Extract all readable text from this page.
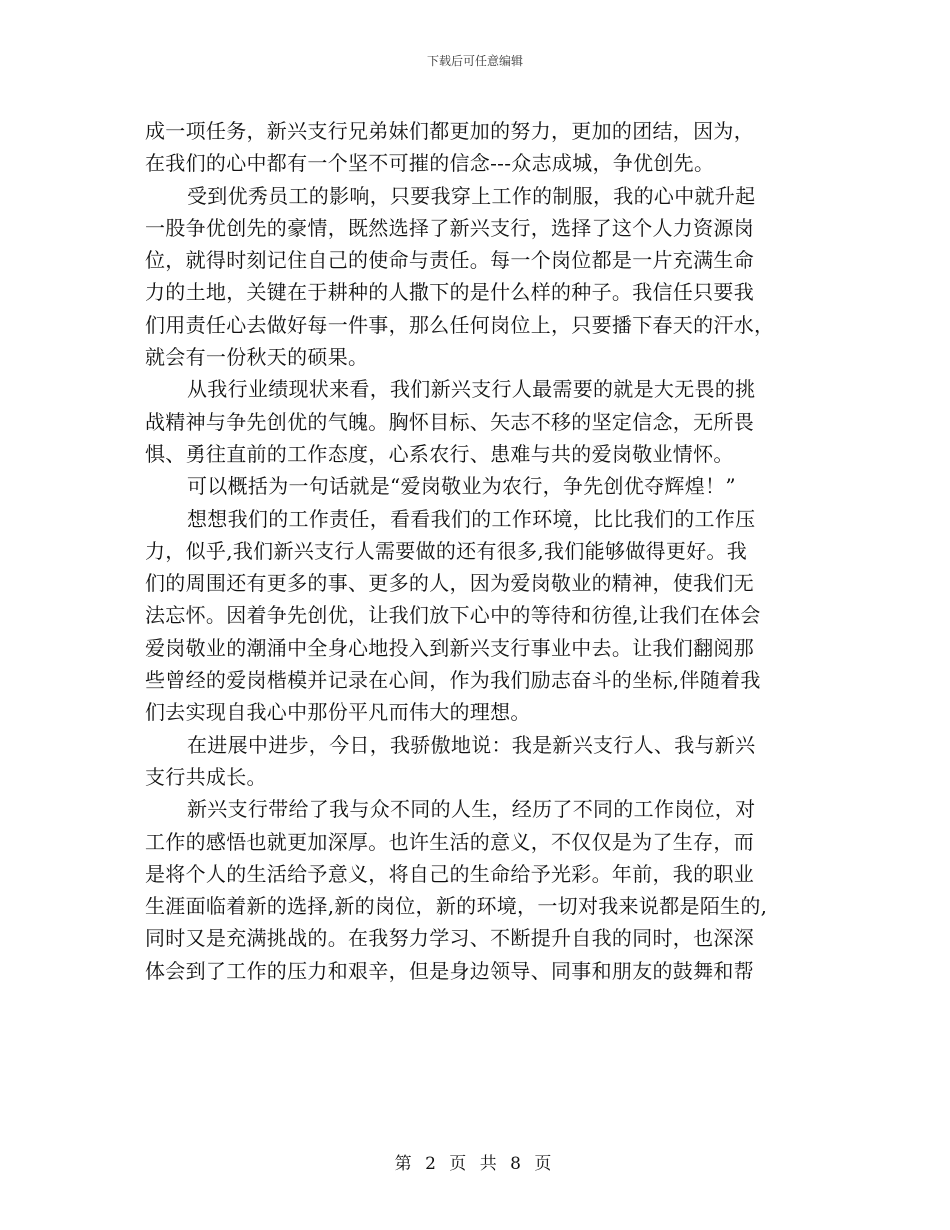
下载后可任意编辑
成一项任务，新兴支行兄弟妹们都更加的努力，更加的团结，因为，
在我们的心中都有一个坚不可摧的信念---众志成城，争优创先。
受到优秀员工的影响，只要我穿上工作的制服，我的心中就升起
一股争优创先的豪情，既然选择了新兴支行，选择了这个人力资源岗
位，就得时刻记住自己的使命与责任。每一个岗位都是一片充满生命
力的土地，关键在于耕种的人撒下的是什么样的种子。我信任只要我
们用责任心去做好每一件事，那么任何岗位上，只要播下春天的汗水，
就会有一份秋天的硕果。
从我行业绩现状来看，我们新兴支行人最需要的就是大无畏的挑
战精神与争先创优的气魄。胸怀目标、矢志不移的坚定信念，无所畏
惧、勇往直前的工作态度，心系农行、患难与共的爱岗敬业情怀。
可以概括为一句话就是“爱岗敬业为农行，争先创优夺辉煌！”
想想我们的工作责任，看看我们的工作环境，比比我们的工作压
力，似乎,我们新兴支行人需要做的还有很多,我们能够做得更好。我
们的周围还有更多的事、更多的人，因为爱岗敬业的精神，使我们无
法忘怀。因着争先创优，让我们放下心中的等待和彷徨,让我们在体会
爱岗敬业的潮涌中全身心地投入到新兴支行事业中去。让我们翻阅那
些曾经的爱岗楷模并记录在心间，作为我们励志奋斗的坐标,伴随着我
们去实现自我心中那份平凡而伟大的理想。
在进展中进步，今日，我骄傲地说：我是新兴支行人、我与新兴
支行共成长。
新兴支行带给了我与众不同的人生，经历了不同的工作岗位，对
工作的感悟也就更加深厚。也许生活的意义，不仅仅是为了生存，而
是将个人的生活给予意义，将自己的生命给予光彩。年前，我的职业
生涯面临着新的选择,新的岗位，新的环境，一切对我来说都是陌生的,
同时又是充满挑战的。在我努力学习、不断提升自我的同时，也深深
体会到了工作的压力和艰辛，但是身边领导、同事和朋友的鼓舞和帮
第 2 页 共 8 页
